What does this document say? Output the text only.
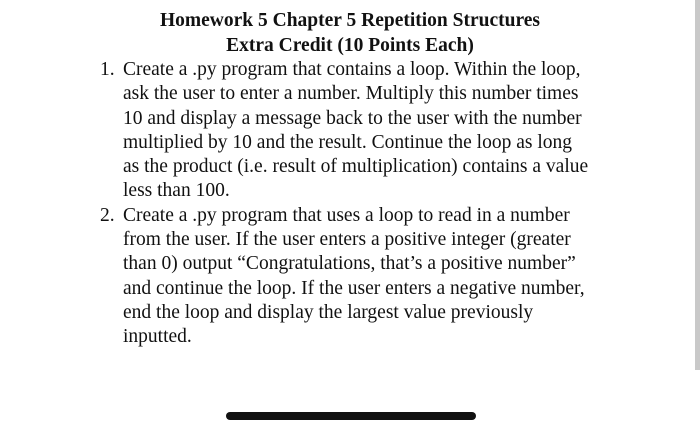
Homework 5 Chapter 5 Repetition Structures
Extra Credit (10 Points Each)
1. Create a .py program that contains a loop. Within the loop,
ask the user to enter a number. Multiply this number times
10 and display a message back to the user with the number
multiplied by 10 and the result. Continue the loop as long
as the product (i.e. result of multiplication) contains a value
less than 100.
2. Create a .py program that uses a loop to read in a number
from the user. If the user enters a positive integer (greater
than 0) output “Congratulations, that’s a positive number”
and continue the loop. If the user enters a negative number,
end the loop and display the largest value previously
inputted.
